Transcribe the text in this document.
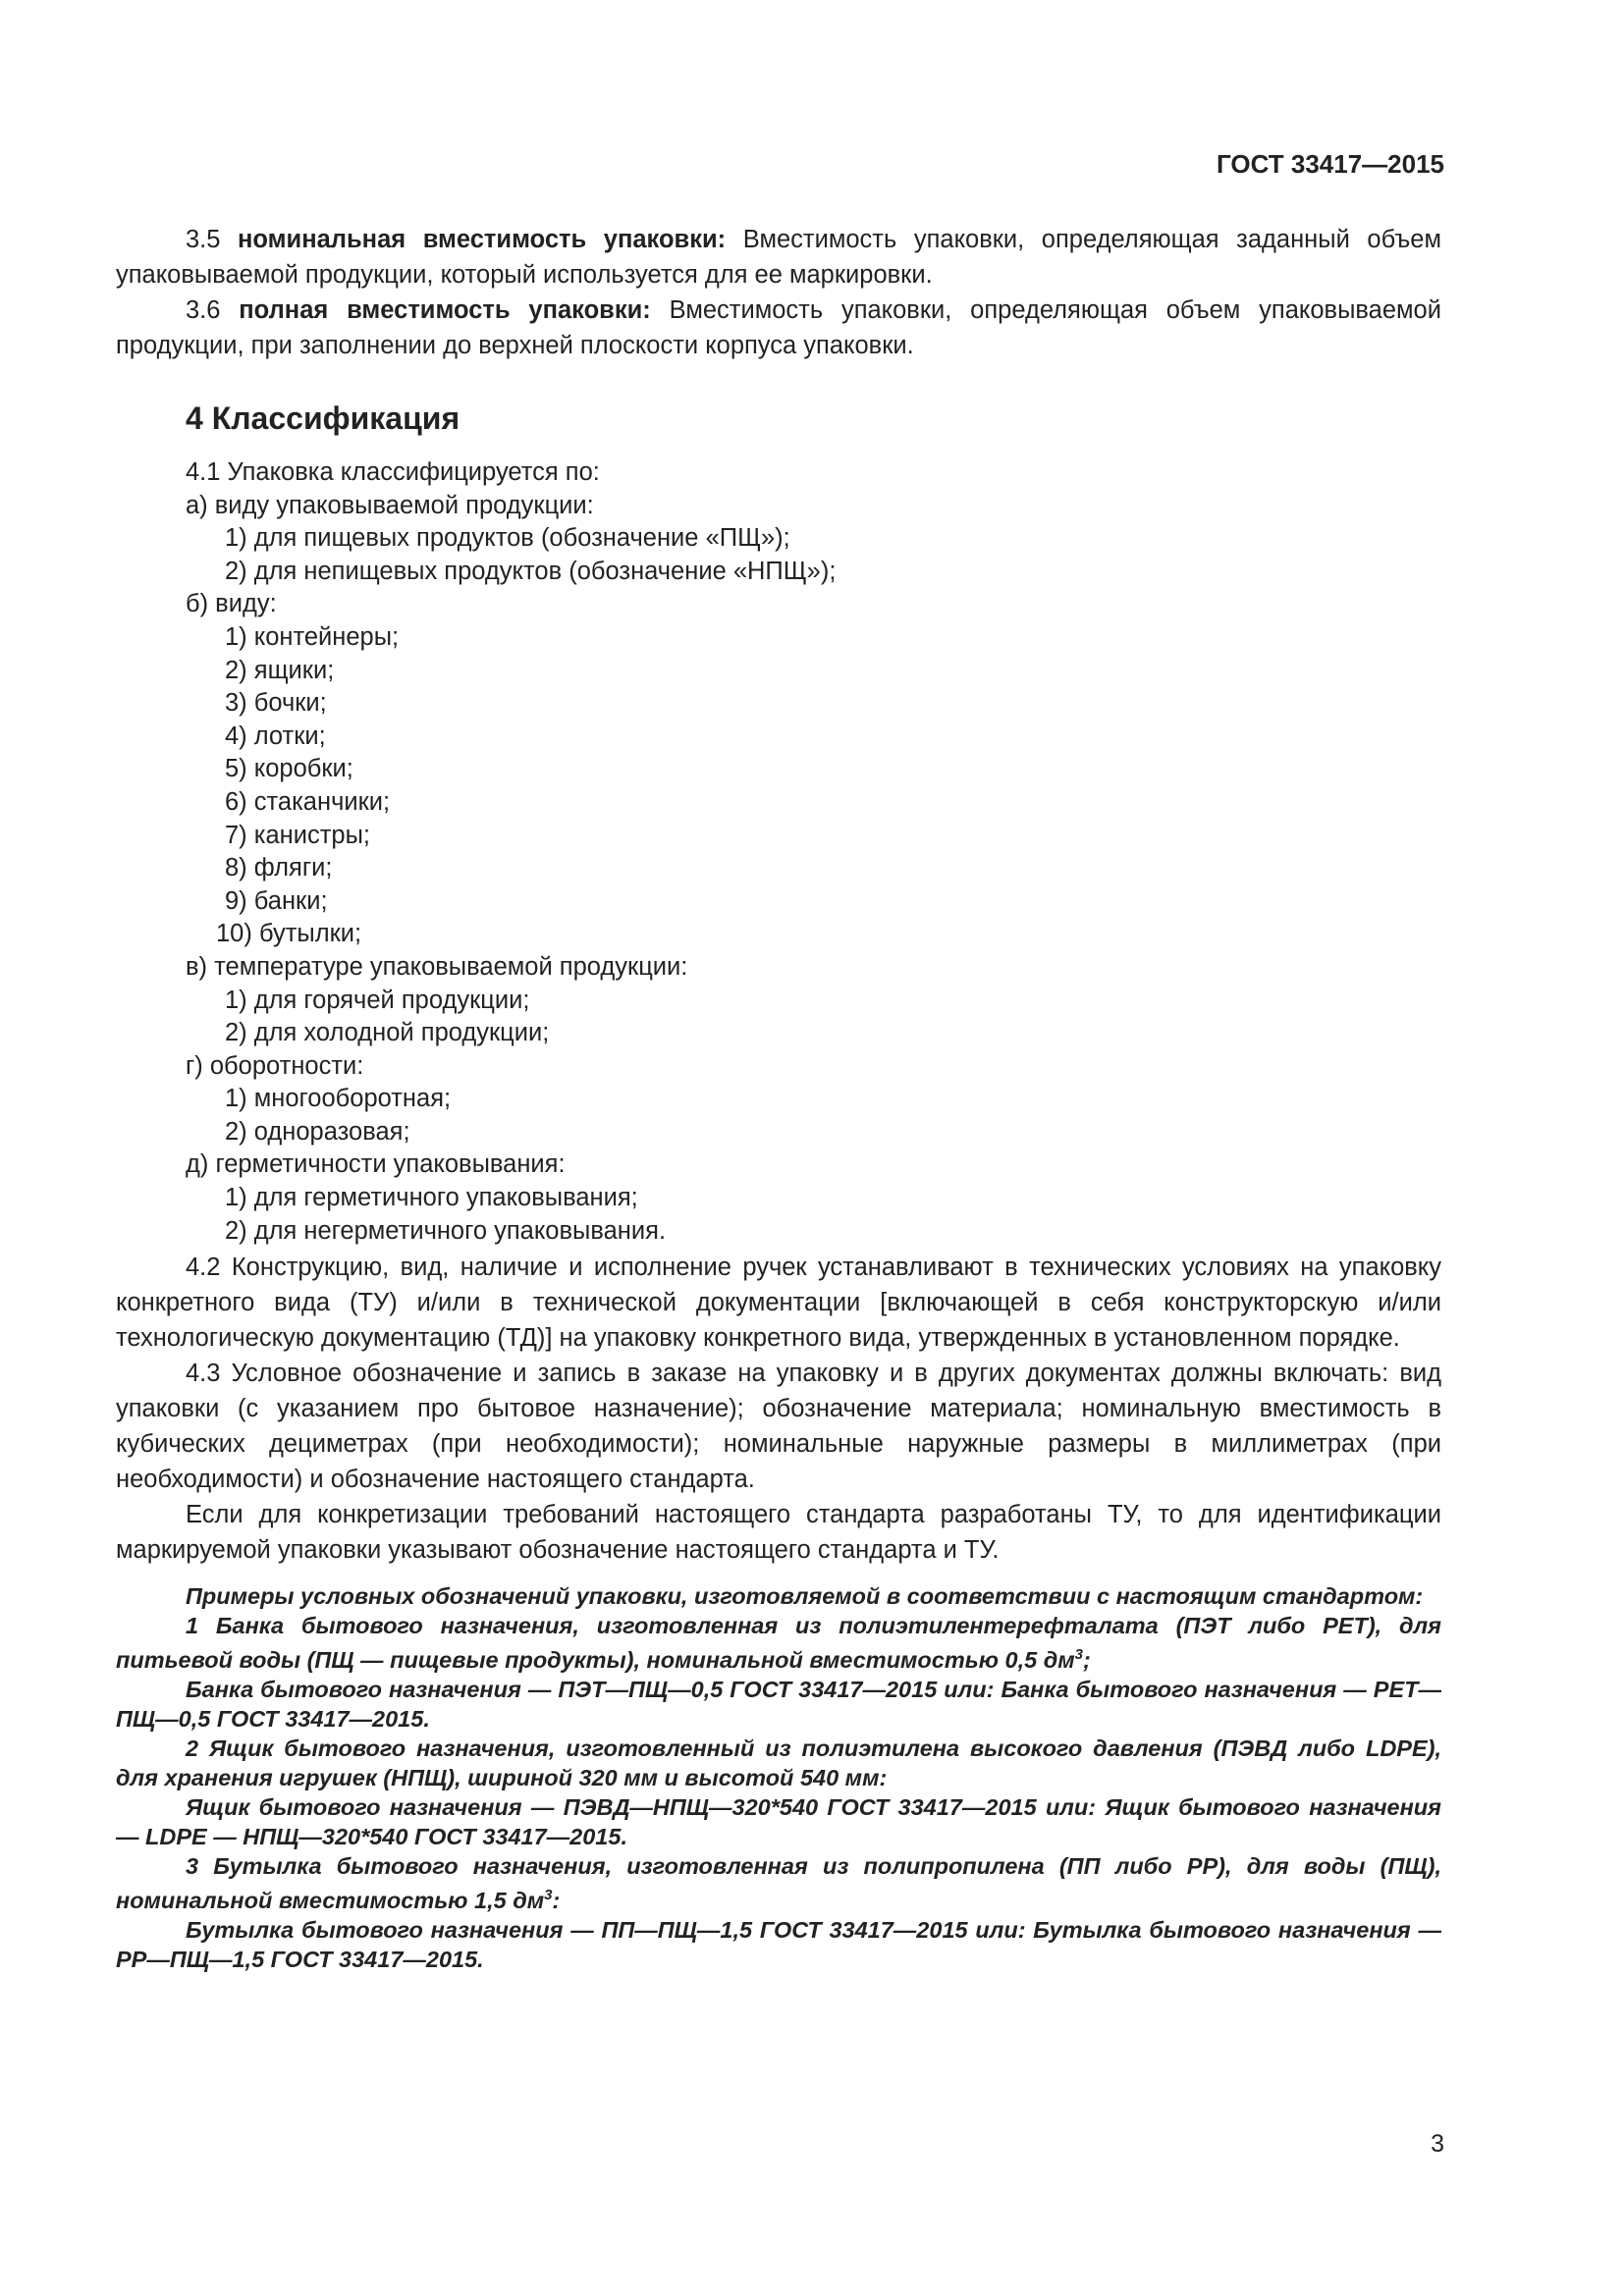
ГОСТ 33417—2015

3.5 номинальная вместимость упаковки: Вместимость упаковки, определяющая заданный объем упаковываемой продукции, который используется для ее маркировки.

3.6 полная вместимость упаковки: Вместимость упаковки, определяющая объем упаковываемой продукции, при заполнении до верхней плоскости корпуса упаковки.

4 Классификация
4.1 Упаковка классифицируется по:
а) виду упаковываемой продукции:
1) для пищевых продуктов (обозначение «ПЩ»);
2) для непищевых продуктов (обозначение «НПЩ»);
б) виду:
1) контейнеры;
2) ящики;
3) бочки;
4) лотки;
5) коробки;
6) стаканчики;
7) канистры;
8) фляги;
9) банки;
10) бутылки;
в) температуре упаковываемой продукции:
1) для горячей продукции;
2) для холодной продукции;
г) оборотности:
1) многооборотная;
2) одноразовая;
д) герметичности упаковывания:
1) для герметичного упаковывания;
2) для негерметичного упаковывания.

4.2 Конструкцию, вид, наличие и исполнение ручек устанавливают в технических условиях на упаковку конкретного вида (ТУ) и/или в технической документации [включающей в себя конструкторскую и/или технологическую документацию (ТД)] на упаковку конкретного вида, утвержденных в установленном порядке.

4.3 Условное обозначение и запись в заказе на упаковку и в других документах должны включать: вид упаковки (с указанием про бытовое назначение); обозначение материала; номинальную вместимость в кубических дециметрах (при необходимости); номинальные наружные размеры в миллиметрах (при необходимости) и обозначение настоящего стандарта.

Если для конкретизации требований настоящего стандарта разработаны ТУ, то для идентификации маркируемой упаковки указывают обозначение настоящего стандарта и ТУ.

Примеры условных обозначений упаковки, изготовляемой в соответствии с настоящим стандартом:

1 Банка бытового назначения, изготовленная из полиэтилентерефталата (ПЭТ либо PET), для питьевой воды (ПЩ — пищевые продукты), номинальной вместимостью 0,5 $дм^3$;

Банка бытового назначения — ПЭТ—ПЩ—0,5 ГОСТ 33417—2015 или: Банка бытового назначения — PET—ПЩ—0,5 ГОСТ 33417—2015.

2 Ящик бытового назначения, изготовленный из полиэтилена высокого давления (ПЭВД либо LDPE), для хранения игрушек (НПЩ), шириной 320 мм и высотой 540 мм:

Ящик бытового назначения — ПЭВД—НПЩ—320*540 ГОСТ 33417—2015 или: Ящик бытового назначения — LDPE — НПЩ—320*540 ГОСТ 33417—2015.

3 Бутылка бытового назначения, изготовленная из полипропилена (ПП либо PP), для воды (ПЩ), номинальной вместимостью 1,5 $дм^3$:

Бутылка бытового назначения — ПП—ПЩ—1,5 ГОСТ 33417—2015 или: Бутылка бытового назначения — PP—ПЩ—1,5 ГОСТ 33417—2015.

3
